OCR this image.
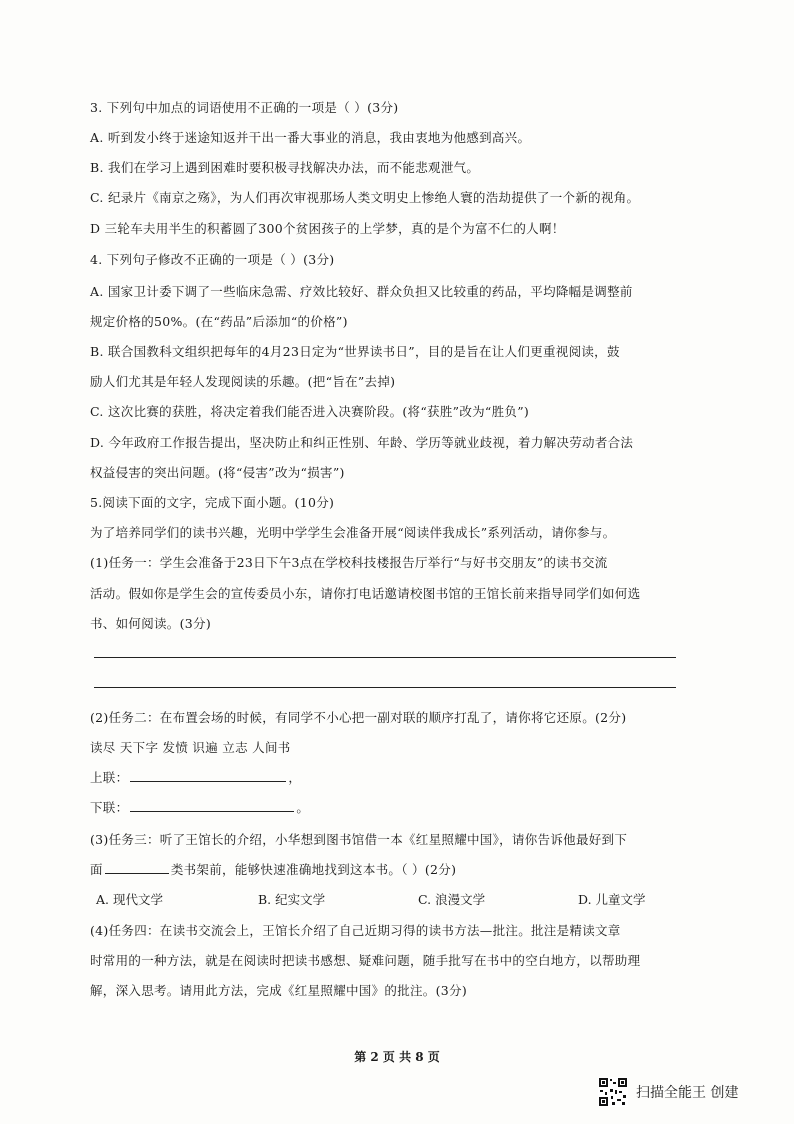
3. 下列句中加点的词语使用不正确的一项是（ ）(3分)
A. 听到发小终于迷途知返并干出一番大事业的消息，我由衷地为他感到高兴。
B. 我们在学习上遇到困难时要积极寻找解决办法，而不能悲观泄气。
C. 纪录片《南京之殇》，为人们再次审视那场人类文明史上惨绝人寰的浩劫提供了一个新的视角。
D 三轮车夫用半生的积蓄圆了300个贫困孩子的上学梦，真的是个为富不仁的人啊！
4. 下列句子修改不正确的一项是（ ）(3分)
A. 国家卫计委下调了一些临床急需、疗效比较好、群众负担又比较重的药品，平均降幅是调整前
规定价格的50%。(在“药品”后添加“的价格”)
B. 联合国教科文组织把每年的4月23日定为“世界读书日”，目的是旨在让人们更重视阅读，鼓
励人们尤其是年轻人发现阅读的乐趣。(把“旨在”去掉)
C. 这次比赛的获胜，将决定着我们能否进入决赛阶段。(将“获胜”改为“胜负”)
D. 今年政府工作报告提出，坚决防止和纠正性别、年龄、学历等就业歧视，着力解决劳动者合法
权益侵害的突出问题。(将“侵害”改为“损害”)
5.阅读下面的文字，完成下面小题。(10分)
为了培养同学们的读书兴趣，光明中学学生会准备开展“阅读伴我成长”系列活动，请你参与。
(1)任务一：学生会准备于23日下午3点在学校科技楼报告厅举行“与好书交朋友”的读书交流
活动。假如你是学生会的宣传委员小东，请你打电话邀请校图书馆的王馆长前来指导同学们如何选
书、如何阅读。(3分)
(2)任务二：在布置会场的时候，有同学不小心把一副对联的顺序打乱了，请你将它还原。(2分)
读尽 天下字 发愤 识遍 立志 人间书
上联：	，
下联：	。
(3)任务三：听了王馆长的介绍，小华想到图书馆借一本《红星照耀中国》，请你告诉他最好到下
面	类书架前，能够快速准确地找到这本书。（ ）(2分)
A. 现代文学	B. 纪实文学	C. 浪漫文学	D. 儿童文学
(4)任务四：在读书交流会上，王馆长介绍了自己近期习得的读书方法—批注。批注是精读文章
时常用的一种方法，就是在阅读时把读书感想、疑难问题，随手批写在书中的空白地方，以帮助理
解，深入思考。请用此方法，完成《红星照耀中国》的批注。(3分)
第 2 页 共 8 页
扫描全能王 创建
